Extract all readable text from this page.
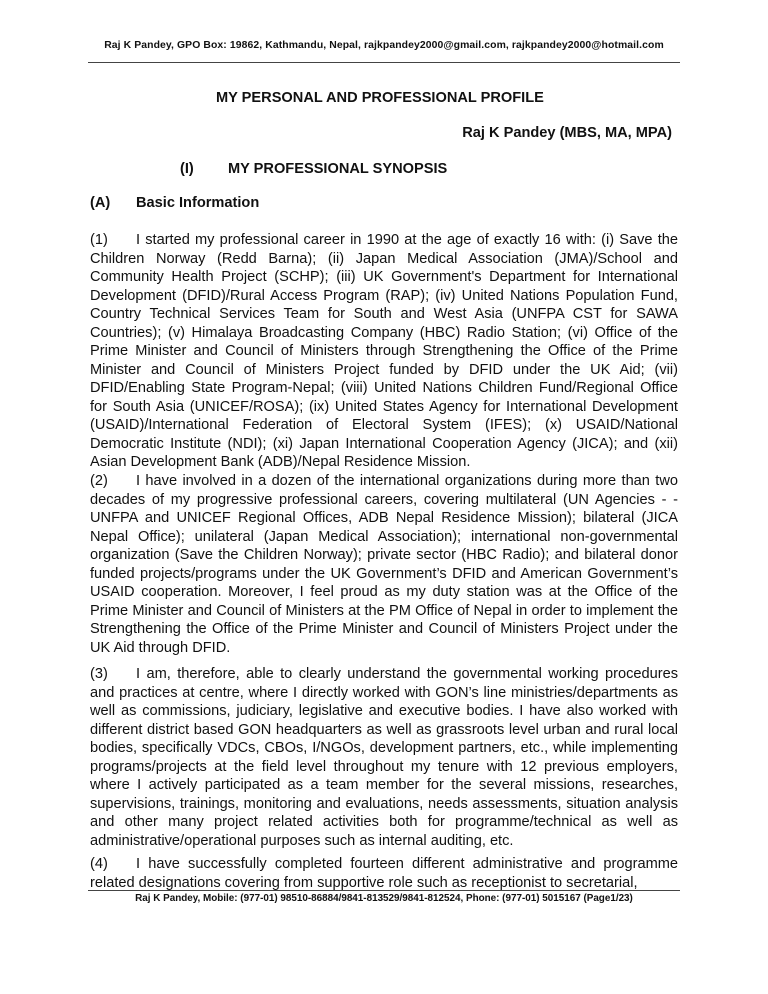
Raj K Pandey, GPO Box: 19862, Kathmandu, Nepal, rajkpandey2000@gmail.com, rajkpandey2000@hotmail.com
MY PERSONAL AND PROFESSIONAL PROFILE
Raj K Pandey (MBS, MA, MPA)
(I) MY PROFESSIONAL SYNOPSIS
(A) Basic Information

(1) I started my professional career in 1990 at the age of exactly 16 with: (i) Save the Children Norway (Redd Barna); (ii) Japan Medical Association (JMA)/School and Community Health Project (SCHP); (iii) UK Government's Department for International Development (DFID)/Rural Access Program (RAP); (iv) United Nations Population Fund, Country Technical Services Team for South and West Asia (UNFPA CST for SAWA Countries); (v) Himalaya Broadcasting Company (HBC) Radio Station; (vi) Office of the Prime Minister and Council of Ministers through Strengthening the Office of the Prime Minister and Council of Ministers Project funded by DFID under the UK Aid; (vii) DFID/Enabling State Program-Nepal; (viii) United Nations Children Fund/Regional Office for South Asia (UNICEF/ROSA); (ix) United States Agency for International Development (USAID)/International Federation of Electoral System (IFES); (x) USAID/National Democratic Institute (NDI); (xi) Japan International Cooperation Agency (JICA); and (xii) Asian Development Bank (ADB)/Nepal Residence Mission.

(2) I have involved in a dozen of the international organizations during more than two decades of my progressive professional careers, covering multilateral (UN Agencies - - UNFPA and UNICEF Regional Offices, ADB Nepal Residence Mission); bilateral (JICA Nepal Office); unilateral (Japan Medical Association); international non-governmental organization (Save the Children Norway); private sector (HBC Radio); and bilateral donor funded projects/programs under the UK Government’s DFID and American Government’s USAID cooperation. Moreover, I feel proud as my duty station was at the Office of the Prime Minister and Council of Ministers at the PM Office of Nepal in order to implement the Strengthening the Office of the Prime Minister and Council of Ministers Project under the UK Aid through DFID.

(3) I am, therefore, able to clearly understand the governmental working procedures and practices at centre, where I directly worked with GON’s line ministries/departments as well as commissions, judiciary, legislative and executive bodies. I have also worked with different district based GON headquarters as well as grassroots level urban and rural local bodies, specifically VDCs, CBOs, I/NGOs, development partners, etc., while implementing programs/projects at the field level throughout my tenure with 12 previous employers, where I actively participated as a team member for the several missions, researches, supervisions, trainings, monitoring and evaluations, needs assessments, situation analysis and other many project related activities both for programme/technical as well as administrative/operational purposes such as internal auditing, etc.

(4) I have successfully completed fourteen different administrative and programme related designations covering from supportive role such as receptionist to secretarial,

Raj K Pandey, Mobile: (977-01) 98510-86884/9841-813529/9841-812524, Phone: (977-01) 5015167 (Page1/23)
